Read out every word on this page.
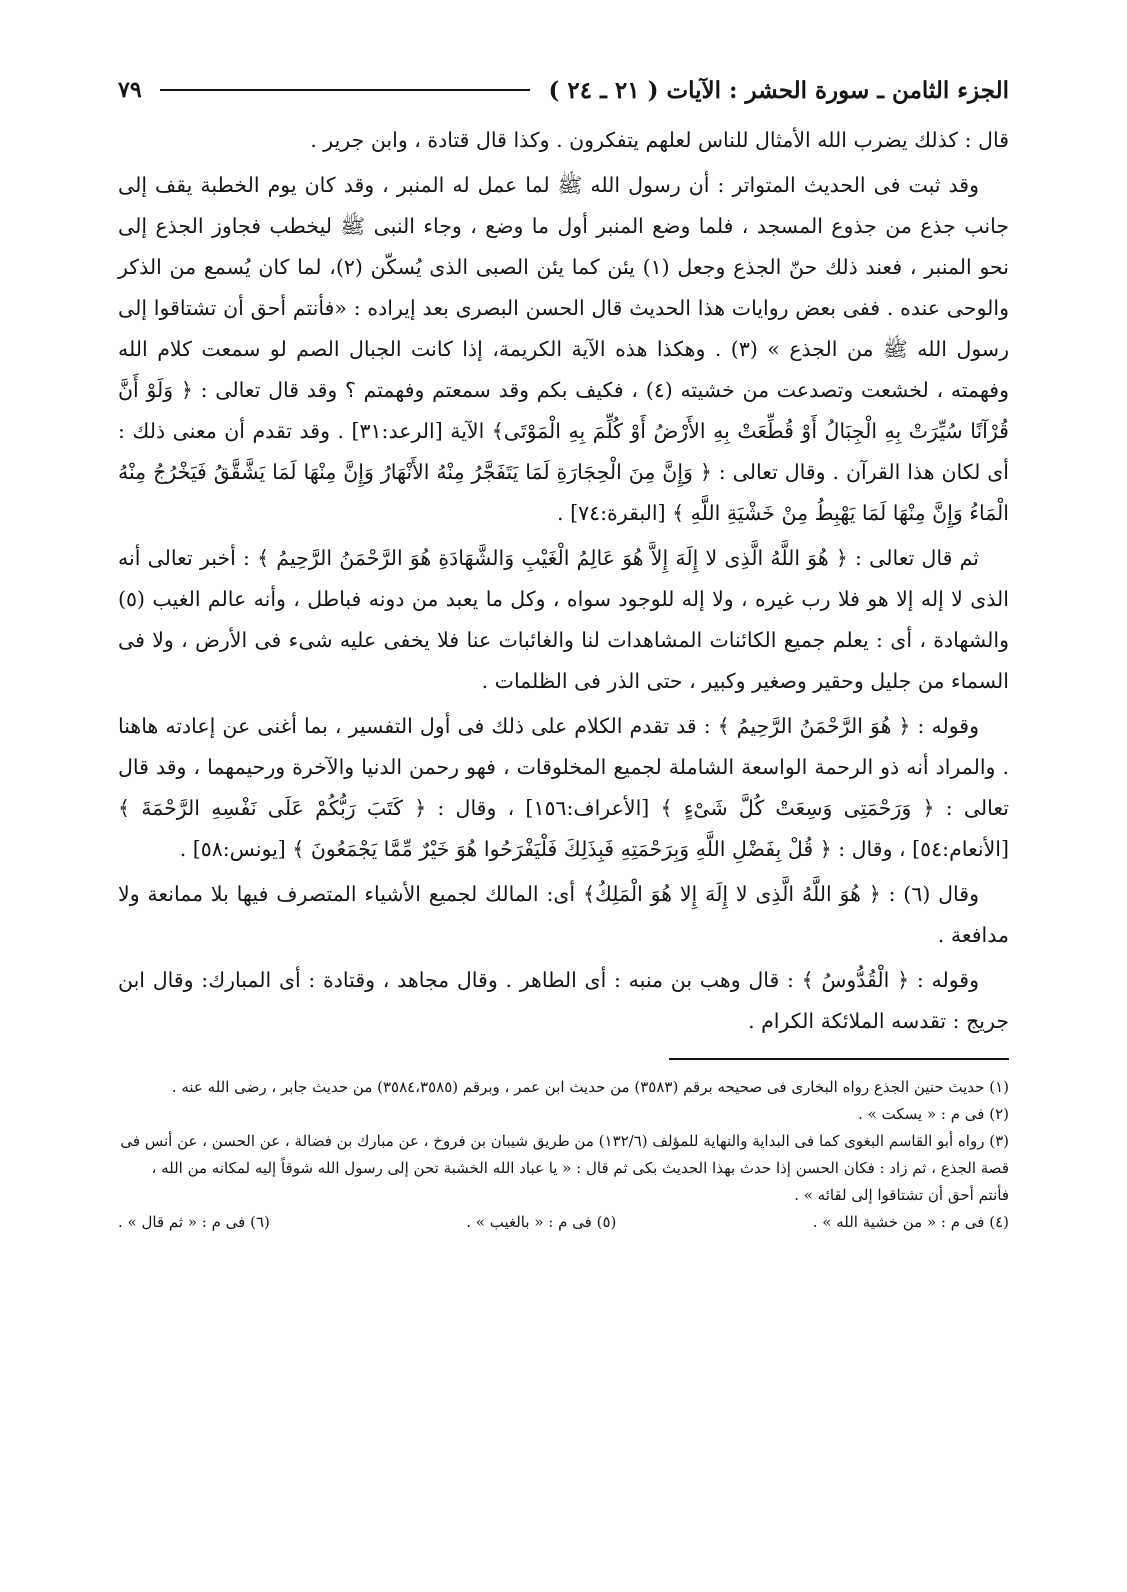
الجزء الثامن ـ سورة الحشر : الآيات ( ٢١ ـ ٢٤ )
٧٩

قال : كذلك يضرب الله الأمثال للناس لعلهم يتفكرون . وكذا قال قتادة ، وابن جرير .

وقد ثبت فى الحديث المتواتر : أن رسول الله ﷺ لما عمل له المنبر ، وقد كان يوم الخطبة يقف إلى جانب جذع من جذوع المسجد ، فلما وضع المنبر أول ما وضع ، وجاء النبى ﷺ ليخطب فجاوز الجذع إلى نحو المنبر ، فعند ذلك حنّ الجذع وجعل (١) يئن كما يئن الصبى الذى يُسكّن (٢)، لما كان يُسمع من الذكر والوحى عنده . ففى بعض روايات هذا الحديث قال الحسن البصرى بعد إيراده : «فأنتم أحق أن تشتاقوا إلى رسول الله ﷺ من الجذع » (٣) . وهكذا هذه الآية الكريمة، إذا كانت الجبال الصم لو سمعت كلام الله وفهمته ، لخشعت وتصدعت من خشيته (٤) ، فكيف بكم وقد سمعتم وفهمتم ؟ وقد قال تعالى : ﴿ وَلَوْ أَنَّ قُرْآنًا سُيِّرَتْ بِهِ الْجِبَالُ أَوْ قُطِّعَتْ بِهِ الأَرْضُ أَوْ كُلِّمَ بِهِ الْمَوْتَى﴾ الآية [الرعد:٣١] . وقد تقدم أن معنى ذلك : أى لكان هذا القرآن . وقال تعالى : ﴿ وَإِنَّ مِنَ الْحِجَارَةِ لَمَا يَتَفَجَّرُ مِنْهُ الأَنْهَارُ وَإِنَّ مِنْهَا لَمَا يَشَّقَّقُ فَيَخْرُجُ مِنْهُ الْمَاءُ وَإِنَّ مِنْهَا لَمَا يَهْبِطُ مِنْ خَشْيَةِ اللَّهِ ﴾ [البقرة:٧٤] .

ثم قال تعالى : ﴿ هُوَ اللَّهُ الَّذِى لا إِلَهَ إِلاَّ هُوَ عَالِمُ الْغَيْبِ وَالشَّهَادَةِ هُوَ الرَّحْمَنُ الرَّحِيمُ ﴾ : أخبر تعالى أنه الذى لا إله إلا هو فلا رب غيره ، ولا إله للوجود سواه ، وكل ما يعبد من دونه فباطل ، وأنه عالم الغيب (٥) والشهادة ، أى : يعلم جميع الكائنات المشاهدات لنا والغائبات عنا فلا يخفى عليه شىء فى الأرض ، ولا فى السماء من جليل وحقير وصغير وكبير ، حتى الذر فى الظلمات .

وقوله : ﴿ هُوَ الرَّحْمَنُ الرَّحِيمُ ﴾ : قد تقدم الكلام على ذلك فى أول التفسير ، بما أغنى عن إعادته هاهنا . والمراد أنه ذو الرحمة الواسعة الشاملة لجميع المخلوقات ، فهو رحمن الدنيا والآخرة ورحيمهما ، وقد قال تعالى : ﴿ وَرَحْمَتِى وَسِعَتْ كُلَّ شَىْءٍ ﴾ [الأعراف:١٥٦] ، وقال : ﴿ كَتَبَ رَبُّكُمْ عَلَى نَفْسِهِ الرَّحْمَةَ ﴾ [الأنعام:٥٤] ، وقال : ﴿ قُلْ بِفَضْلِ اللَّهِ وَبِرَحْمَتِهِ فَبِذَلِكَ فَلْيَفْرَحُوا هُوَ خَيْرٌ مِّمَّا يَجْمَعُونَ ﴾ [يونس:٥٨] .

وقال (٦) : ﴿ هُوَ اللَّهُ الَّذِى لا إِلَهَ إِلا هُوَ الْمَلِكُ﴾ أى: المالك لجميع الأشياء المتصرف فيها بلا ممانعة ولا مدافعة .

وقوله : ﴿ الْقُدُّوسُ ﴾ : قال وهب بن منبه : أى الطاهر . وقال مجاهد ، وقتادة : أى المبارك: وقال ابن جريج : تقدسه الملائكة الكرام .

(١) حديث حنين الجذع رواه البخارى فى صحيحه برقم (٣٥٨٣) من حديث ابن عمر ، وبرقم (٣٥٨٤،٣٥٨٥) من حديث جابر ، رضى الله عنه .

(٢) فى م : « يسكت » .

(٣) رواه أبو القاسم البغوى كما فى البداية والنهاية للمؤلف (١٣٢/٦) من طريق شيبان بن فروخ ، عن مبارك بن فضالة ، عن الحسن ، عن أنس فى قصة الجذع ، ثم زاد : فكان الحسن إذا حدث بهذا الحديث بكى ثم قال : « يا عباد الله الخشبة تحن إلى رسول الله شوقاً إليه لمكانه من الله ، فأنتم أحق أن تشتاقوا إلى لقائه » .

(٤) فى م : « من خشية الله » .
(٥) فى م : « بالغيب » .
(٦) فى م : « ثم قال » .
